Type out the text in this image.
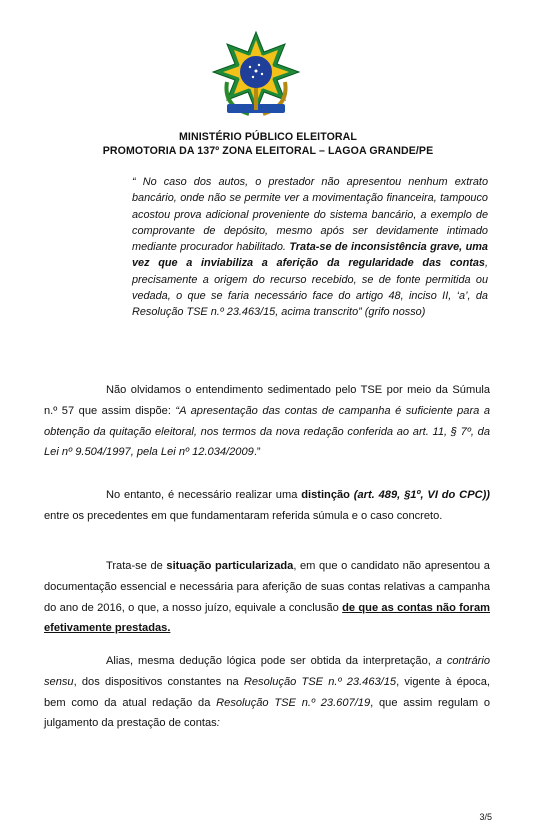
MINISTÉRIO PÚBLICO ELEITORAL
PROMOTORIA DA 137º ZONA ELEITORAL – LAGOA GRANDE/PE
“ No caso dos autos, o prestador não apresentou nenhum extrato bancário, onde não se permite ver a movimentação financeira, tampouco acostou prova adicional proveniente do sistema bancário, a exemplo de comprovante de depósito, mesmo após ser devidamente intimado mediante procurador habilitado. Trata-se de inconsistência grave, uma vez que a inviabiliza a aferição da regularidade das contas, precisamente a origem do recurso recebido, se de fonte permitida ou vedada, o que se faria necessário face do artigo 48, inciso II, ‘a’, da Resolução TSE n.º 23.463/15, acima transcrito” (grifo nosso)
Não olvidamos o entendimento sedimentado pelo TSE por meio da Súmula n.º 57 que assim dispõe: “A apresentação das contas de campanha é suficiente para a obtenção da quitação eleitoral, nos termos da nova redação conferida ao art. 11, § 7º, da Lei nº 9.504/1997, pela Lei nº 12.034/2009.”
No entanto, é necessário realizar uma distinção (art. 489, §1º, VI do CPC)) entre os precedentes em que fundamentaram referida súmula e o caso concreto.
Trata-se de situação particularizada, em que o candidato não apresentou a documentação essencial e necessária para aferição de suas contas relativas a campanha do ano de 2016, o que, a nosso juízo, equivale a conclusão de que as contas não foram efetivamente prestadas.
Alias, mesma dedução lógica pode ser obtida da interpretação, a contrário sensu, dos dispositivos constantes na Resolução TSE n.º 23.463/15, vigente à época, bem como da atual redação da Resolução TSE n.º 23.607/19, que assim regulam o julgamento da prestação de contas:
3/5
